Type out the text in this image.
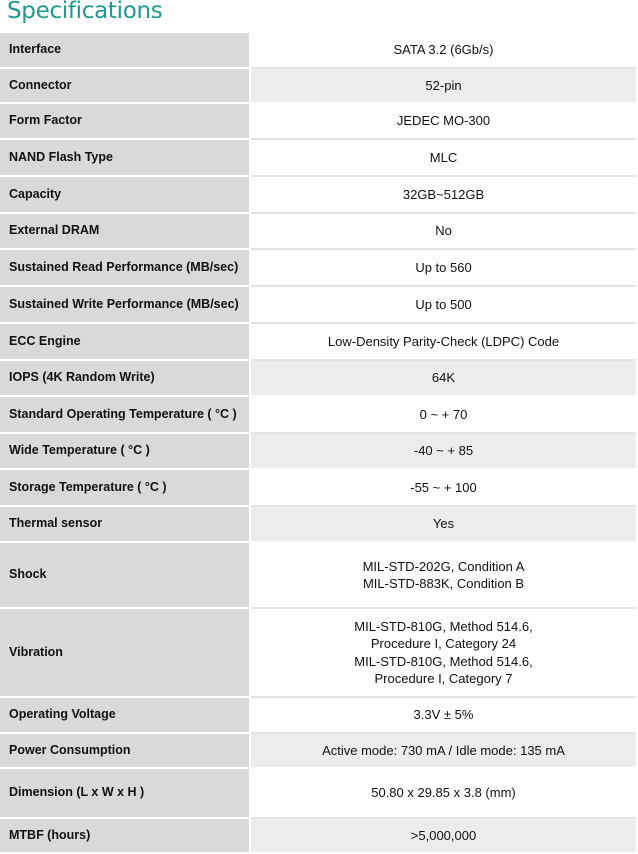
Specifications
Interface	SATA 3.2 (6Gb/s)

Connector	52-pin

Form Factor	JEDEC MO-300

NAND Flash Type	MLC

Capacity	32GB~512GB

External DRAM	No

Sustained Read Performance (MB/sec)	Up to 560

Sustained Write Performance (MB/sec)	Up to 500

ECC Engine	Low-Density Parity-Check (LDPC) Code

IOPS (4K Random Write)	64K

Standard Operating Temperature ( °C )	0 ~ + 70

Wide Temperature ( °C )	-40 ~ + 85

Storage Temperature ( °C )	-55 ~ + 100

Thermal sensor	Yes

Shock	MIL-STD-202G, Condition A
MIL-STD-883K, Condition B

Vibration	MIL-STD-810G, Method 514.6,
Procedure I, Category 24
MIL-STD-810G, Method 514.6,
Procedure I, Category 7

Operating Voltage	3.3V ± 5%

Power Consumption	Active mode: 730 mA / Idle mode: 135 mA

Dimension (L x W x H )	50.80 x 29.85 x 3.8 (mm)

MTBF (hours)	>5,000,000
